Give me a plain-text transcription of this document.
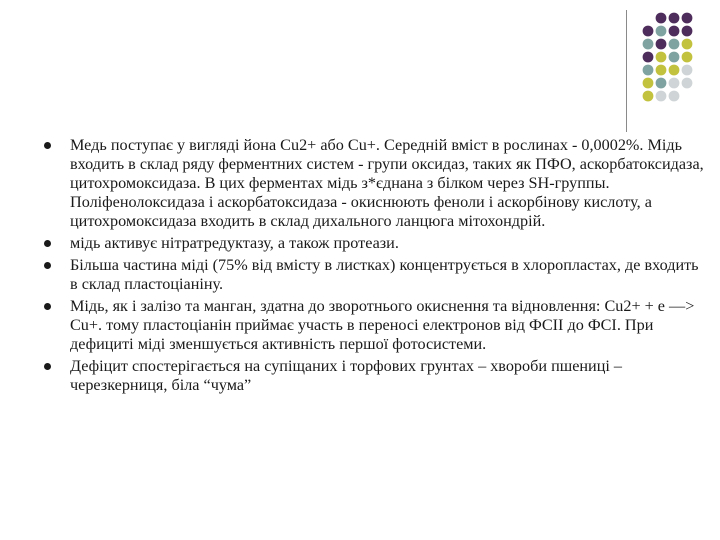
Медь поступає у вигляді йона Cu2+ або Cu+. Середній вміст в рослинах - 0,0002%. Мідь входить в склад ряду ферментних систем - групи оксидаз, таких як ПФО, аскорбатоксидаза, цитохромоксидаза. В цих ферментах мідь з*єднана з білком через SH-группы. Поліфенолоксидаза і аскорбатоксидаза - окиснюють феноли і аскорбінову кислоту, а цитохромоксидаза входить в склад дихального ланцюга мітохондрій.
мідь активує нітратредуктазу, а також протеази.
Більша частина міді (75% від вмісту в листках) концентрується в хлоропластах, де входить в склад пластоціаніну.
Мідь, як і залізо та манган, здатна до зворотнього окиснення та відновлення: Cu2+ + е —> Cu+. тому пластоціанін приймає участь в переносі електронов від ФСІІ до ФСІ. При дефициті міді зменшується активність першої фотосистеми.
Дефіцит спостерігається на супіщаних і торфових грунтах – хвороби пшениці – черезкерниця, біла “чума”
